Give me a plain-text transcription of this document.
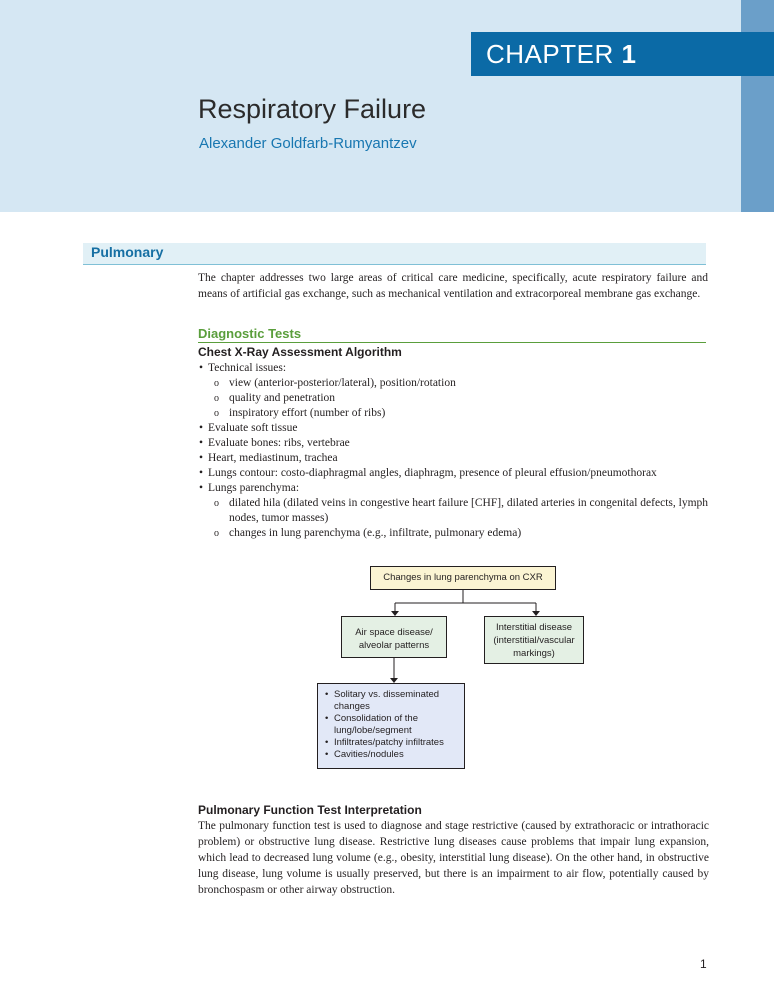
CHAPTER 1
Respiratory Failure
Alexander Goldfarb-Rumyantzev
Pulmonary

The chapter addresses two large areas of critical care medicine, specifically, acute respiratory failure and means of artificial gas exchange, such as mechanical ventilation and extracorporeal membrane gas exchange.

Diagnostic Tests
Chest X-Ray Assessment Algorithm
• Technical issues:
o view (anterior-posterior/lateral), position/rotation
o quality and penetration
o inspiratory effort (number of ribs)
• Evaluate soft tissue
• Evaluate bones: ribs, vertebrae
• Heart, mediastinum, trachea
• Lungs contour: costo-diaphragmal angles, diaphragm, presence of pleural effusion/pneumothorax
• Lungs parenchyma:
o dilated hila (dilated veins in congestive heart failure [CHF], dilated arteries in congenital defects, lymph nodes, tumor masses)
o changes in lung parenchyma (e.g., infiltrate, pulmonary edema)
Changes in lung parenchyma on CXR
Air space disease/
alveolar patterns
Interstitial disease
(interstitial/vascular
markings)
• Solitary vs. disseminated changes
• Consolidation of the lung/lobe/segment
• Infiltrates/patchy infiltrates
• Cavities/nodules
Pulmonary Function Test Interpretation

The pulmonary function test is used to diagnose and stage restrictive (caused by extrathoracic or intrathoracic problem) or obstructive lung disease. Restrictive lung diseases cause problems that impair lung expansion, which lead to decreased lung volume (e.g., obesity, interstitial lung disease). On the other hand, in obstructive lung disease, lung volume is usually preserved, but there is an impairment to air flow, potentially caused by bronchospasm or other airway obstruction.

1
